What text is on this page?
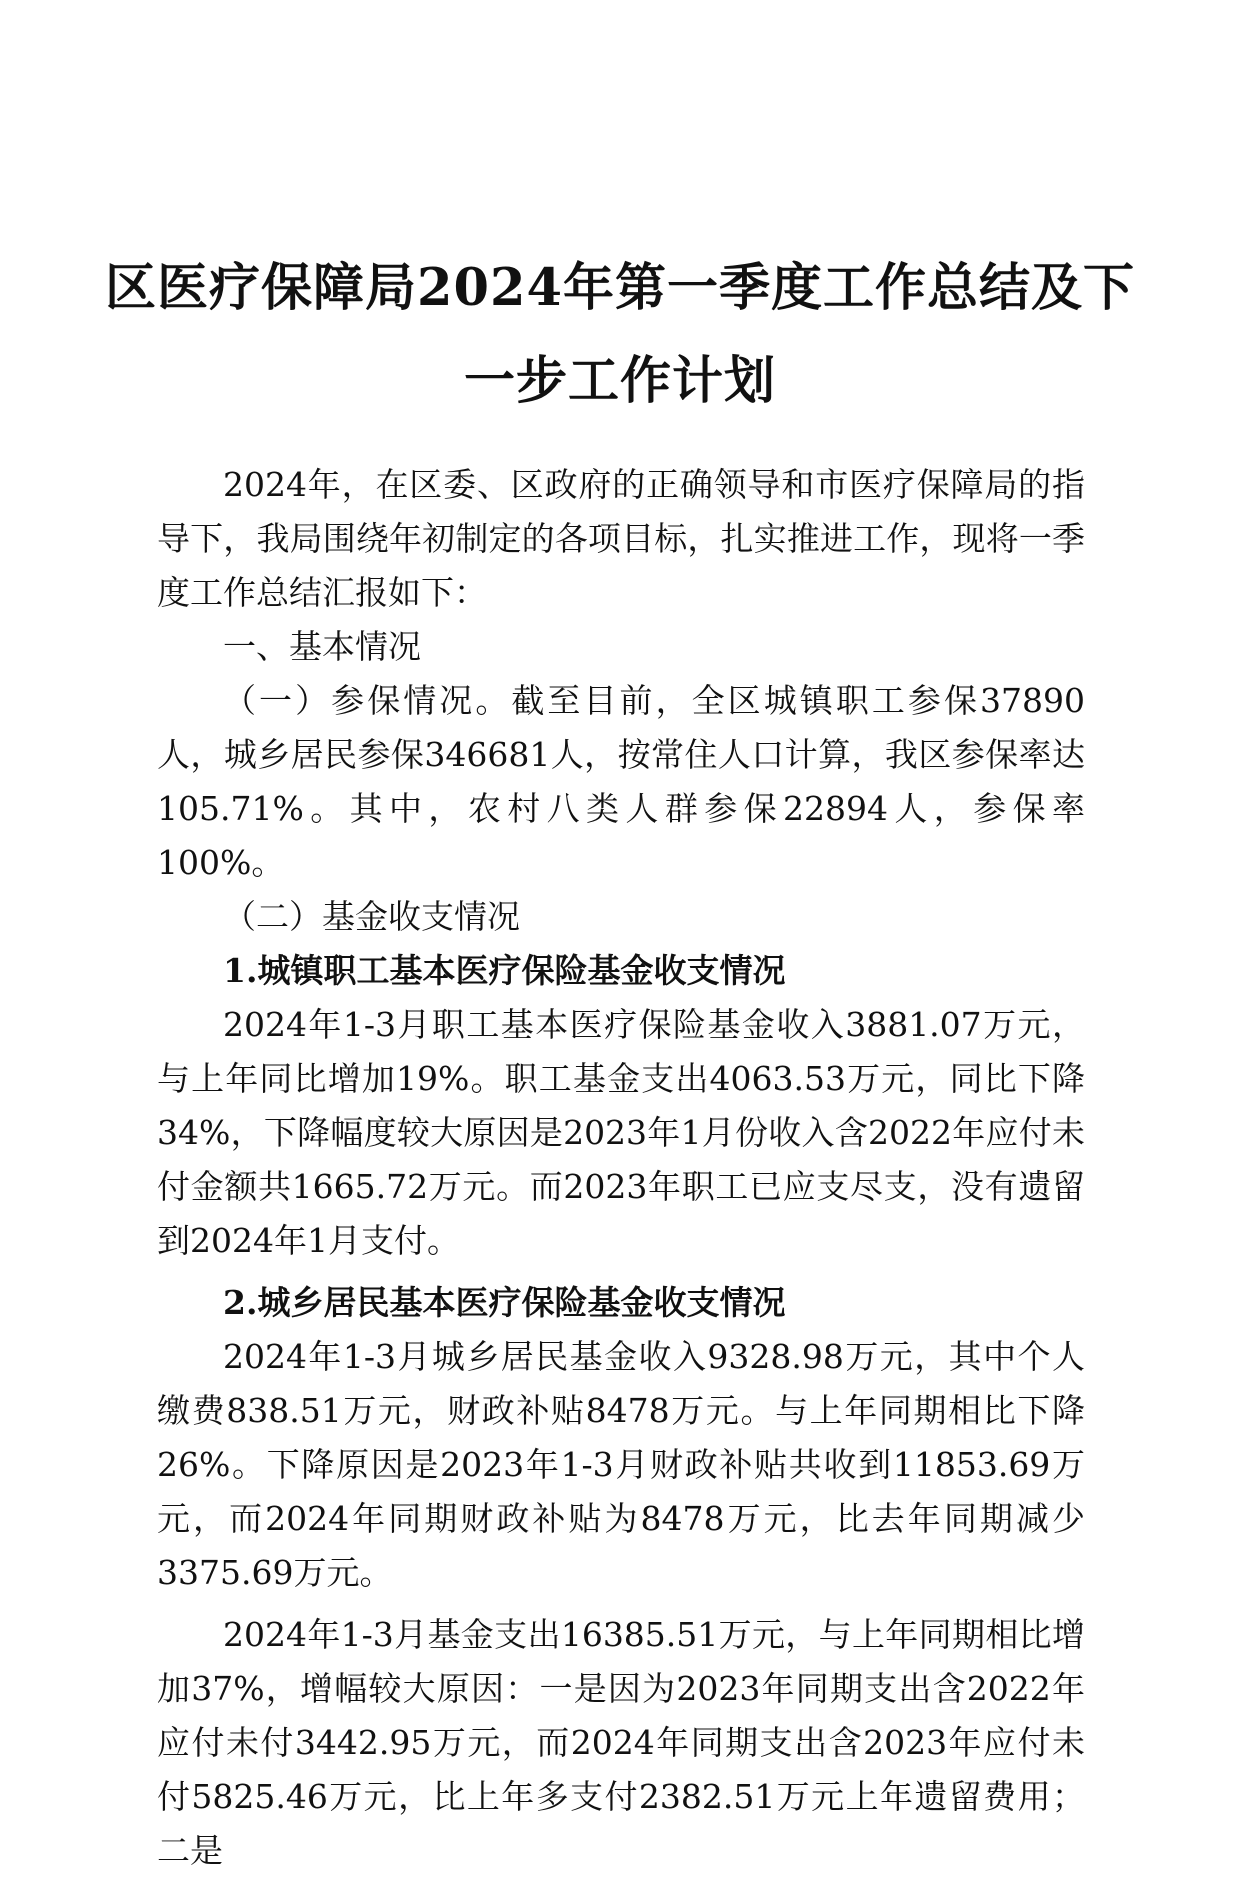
区医疗保障局2024年第一季度工作总结及下
一步工作计划

2024年，在区委、区政府的正确领导和市医疗保障局的指导下，我局围绕年初制定的各项目标，扎实推进工作，现将一季度工作总结汇报如下：

一、基本情况

（一）参保情况。截至目前，全区城镇职工参保37890人，城乡居民参保346681人，按常住人口计算，我区参保率达105.71%。其中，农村八类人群参保22894人，参保率100%。

（二）基金收支情况

1.城镇职工基本医疗保险基金收支情况

2024年1-3月职工基本医疗保险基金收入3881.07万元，与上年同比增加19%。职工基金支出4063.53万元，同比下降34%，下降幅度较大原因是2023年1月份收入含2022年应付未付金额共1665.72万元。而2023年职工已应支尽支，没有遗留到2024年1月支付。

2.城乡居民基本医疗保险基金收支情况

2024年1-3月城乡居民基金收入9328.98万元，其中个人缴费838.51万元，财政补贴8478万元。与上年同期相比下降26%。下降原因是2023年1-3月财政补贴共收到11853.69万元，而2024年同期财政补贴为8478万元，比去年同期减少3375.69万元。

2024年1-3月基金支出16385.51万元，与上年同期相比增加37%，增幅较大原因：一是因为2023年同期支出含2022年应付未付3442.95万元，而2024年同期支出含2023年应付未付5825.46万元，比上年多支付2382.51万元上年遗留费用；二是
